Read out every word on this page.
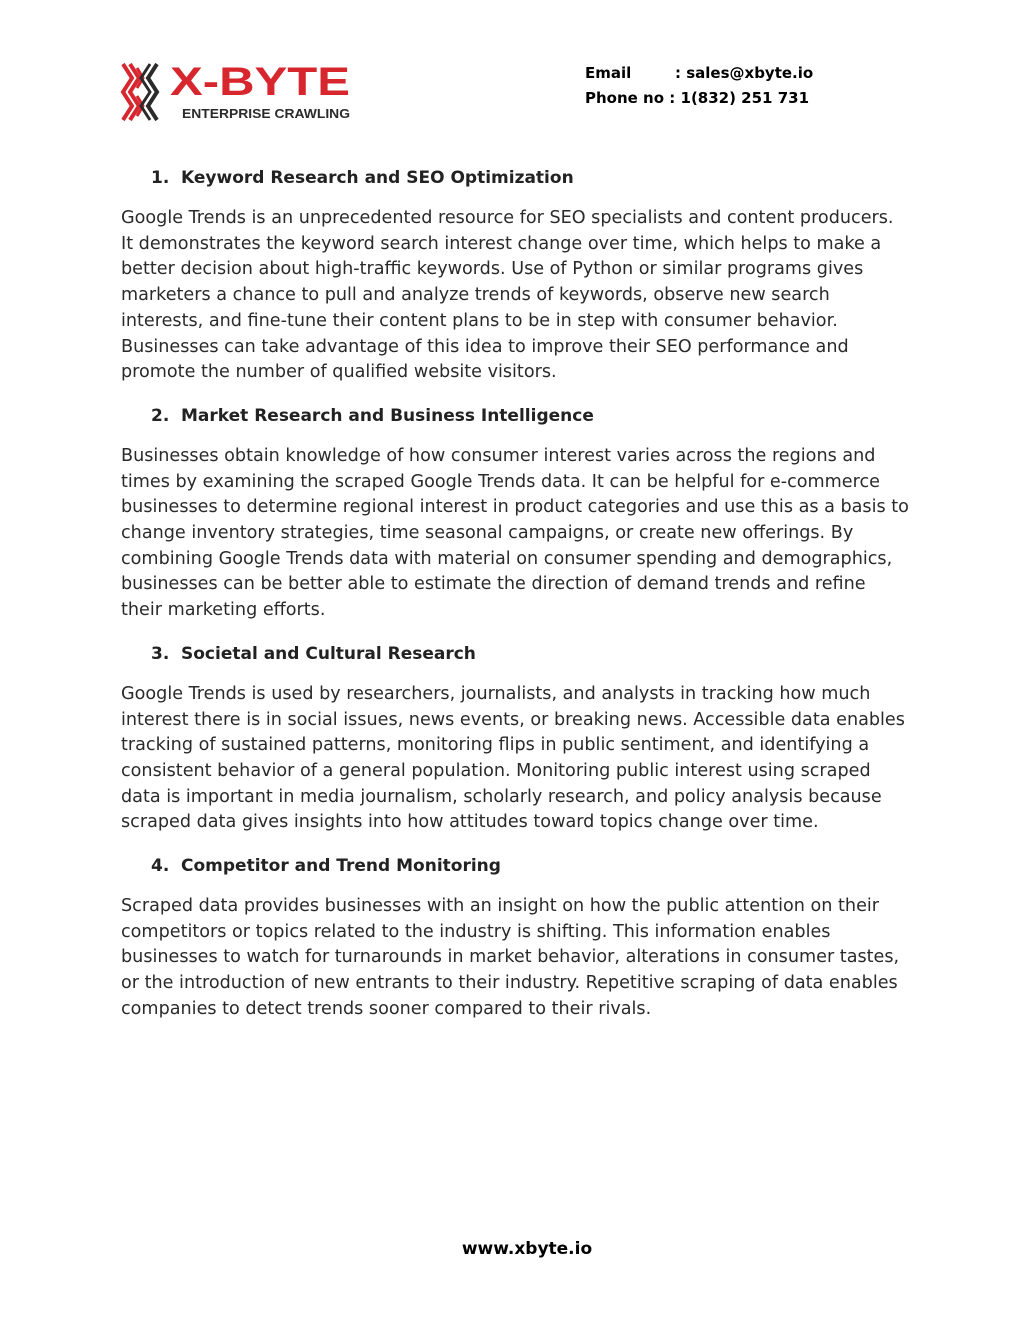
X-BYTE
ENTERPRISE CRAWLING
Email	: sales@xbyte.io
Phone no
: 1(832) 251 731
1. Keyword Research and SEO Optimization

Google Trends is an unprecedented resource for SEO specialists and content producers. It demonstrates the keyword search interest change over time, which helps to make a better decision about high-traffic keywords. Use of Python or similar programs gives marketers a chance to pull and analyze trends of keywords, observe new search interests, and fine-tune their content plans to be in step with consumer behavior. Businesses can take advantage of this idea to improve their SEO performance and promote the number of qualified website visitors.

2. Market Research and Business Intelligence

Businesses obtain knowledge of how consumer interest varies across the regions and times by examining the scraped Google Trends data. It can be helpful for e-commerce businesses to determine regional interest in product categories and use this as a basis to change inventory strategies, time seasonal campaigns, or create new offerings. By combining Google Trends data with material on consumer spending and demographics, businesses can be better able to estimate the direction of demand trends and refine their marketing efforts.

3. Societal and Cultural Research

Google Trends is used by researchers, journalists, and analysts in tracking how much interest there is in social issues, news events, or breaking news. Accessible data enables tracking of sustained patterns, monitoring flips in public sentiment, and identifying a consistent behavior of a general population. Monitoring public interest using scraped data is important in media journalism, scholarly research, and policy analysis because scraped data gives insights into how attitudes toward topics change over time.

4. Competitor and Trend Monitoring

Scraped data provides businesses with an insight on how the public attention on their competitors or topics related to the industry is shifting. This information enables businesses to watch for turnarounds in market behavior, alterations in consumer tastes, or the introduction of new entrants to their industry. Repetitive scraping of data enables companies to detect trends sooner compared to their rivals.

www.xbyte.io
